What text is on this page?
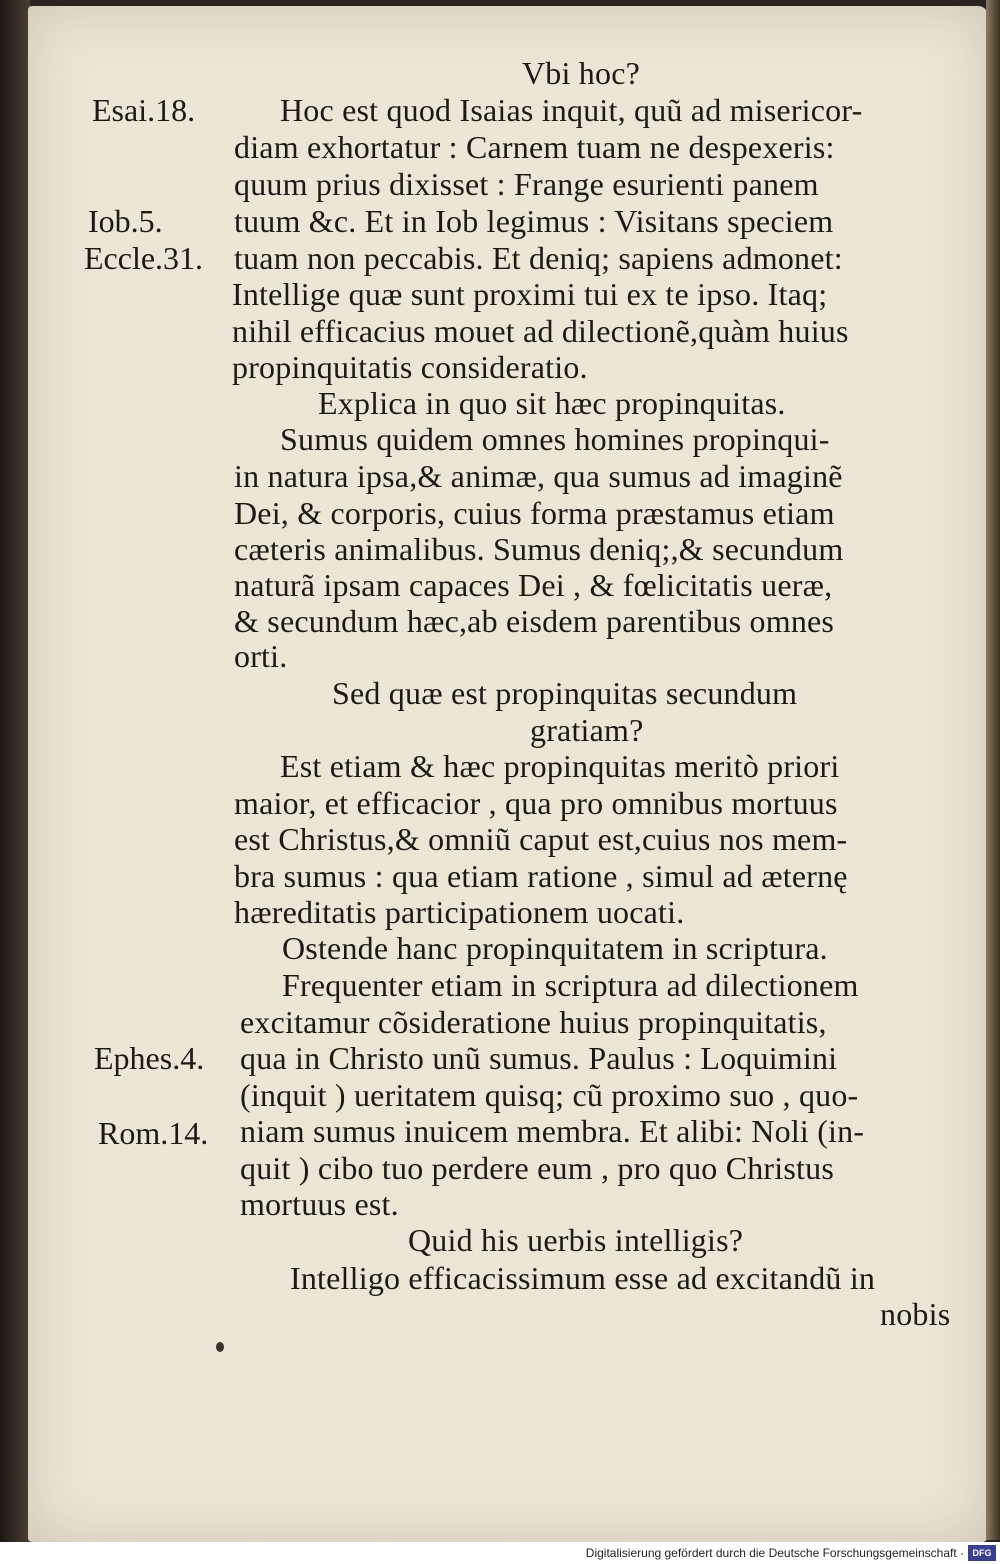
Vbi hoc?
Esai.18.
Iob.5.
Eccle.31.
Ephes.4.
Rom.14.
Hoc est quod Isaias inquit, quũ ad misericor-
diam exhortatur : Carnem tuam ne despexeris:
quum prius dixisset : Frange esurienti panem
tuum &c. Et in Iob legimus : Visitans speciem
tuam non peccabis. Et deniq; sapiens admonet:
Intellige quæ sunt proximi tui ex te ipso. Itaq;
nihil efficacius mouet ad dilectionẽ,quàm huius
propinquitatis consideratio.
Explica in quo sit hæc propinquitas.
Sumus quidem omnes homines propinqui-
in natura ipsa,& animæ, qua sumus ad imaginẽ
Dei, & corporis, cuius forma præstamus etiam
cæteris animalibus. Sumus deniq;,& secundum
naturã ipsam capaces Dei , & fœlicitatis ueræ,
& secundum hæc,ab eisdem parentibus omnes
orti.
Sed quæ est propinquitas secundum
gratiam?
Est etiam & hæc propinquitas meritò priori
maior, et efficacior , qua pro omnibus mortuus
est Christus,& omniũ caput est,cuius nos mem-
bra sumus : qua etiam ratione , simul ad æternę
hæreditatis participationem uocati.
Ostende hanc propinquitatem in scriptura.
Frequenter etiam in scriptura ad dilectionem
excitamur cõsideratione huius propinquitatis,
qua in Christo unũ sumus. Paulus : Loquimini
(inquit ) ueritatem quisq; cũ proximo suo , quo-
niam sumus inuicem membra. Et alibi: Noli (in-
quit ) cibo tuo perdere eum , pro quo Christus
mortuus est.
Quid his uerbis intelligis?
Intelligo efficacissimum esse ad excitandũ in
nobis
Digitalisierung gefördert durch die Deutsche Forschungsgemeinschaft · DFG
